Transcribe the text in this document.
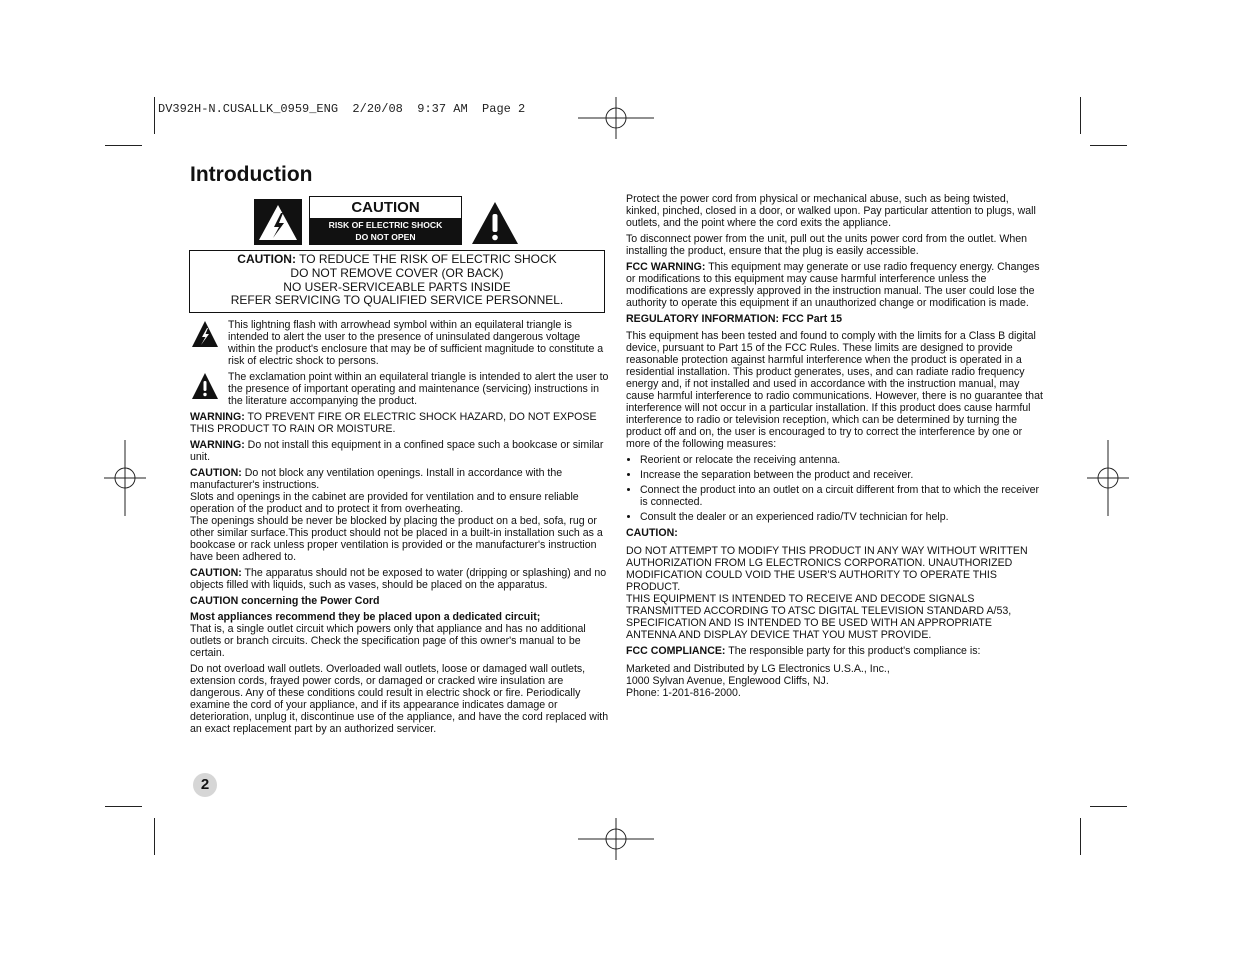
DV392H-N.CUSALLK_0959_ENG  2/20/08  9:37 AM  Page 2
Introduction
CAUTION
RISK OF ELECTRIC SHOCK
DO NOT OPEN
CAUTION: TO REDUCE THE RISK OF ELECTRIC SHOCK
DO NOT REMOVE COVER (OR BACK)
NO USER-SERVICEABLE PARTS INSIDE
REFER SERVICING TO QUALIFIED SERVICE PERSONNEL.
This lightning flash with arrowhead symbol within an equilateral triangle is intended to alert the user to the presence of uninsulated dangerous voltage within the product's enclosure that may be of sufficient magnitude to constitute a risk of electric shock to persons.
The exclamation point within an equilateral triangle is intended to alert the user to the presence of important operating and maintenance (servicing) instructions in the literature accompanying the product.

WARNING: TO PREVENT FIRE OR ELECTRIC SHOCK HAZARD, DO NOT EXPOSE THIS PRODUCT TO RAIN OR MOISTURE.

WARNING: Do not install this equipment in a confined space such a bookcase or similar unit.

CAUTION: Do not block any ventilation openings. Install in accordance with the manufacturer's instructions.

Slots and openings in the cabinet are provided for ventilation and to ensure reliable operation of the product and to protect it from overheating.

The openings should be never be blocked by placing the product on a bed, sofa, rug or other similar surface.This product should not be placed in a built-in installation such as a bookcase or rack unless proper ventilation is provided or the manufacturer's instruction have been adhered to.

CAUTION: The apparatus should not be exposed to water (dripping or splashing) and no objects filled with liquids, such as vases, should be placed on the apparatus.

CAUTION concerning the Power Cord

Most appliances recommend they be placed upon a dedicated circuit;
That is, a single outlet circuit which powers only that appliance and has no additional outlets or branch circuits. Check the specification page of this owner's manual to be certain.

Do not overload wall outlets. Overloaded wall outlets, loose or damaged wall outlets, extension cords, frayed power cords, or damaged or cracked wire insulation are dangerous. Any of these conditions could result in electric shock or fire. Periodically examine the cord of your appliance, and if its appearance indicates damage or deterioration, unplug it, discontinue use of the appliance, and have the cord replaced with an exact replacement part by an authorized servicer.

Protect the power cord from physical or mechanical abuse, such as being twisted, kinked, pinched, closed in a door, or walked upon. Pay particular attention to plugs, wall outlets, and the point where the cord exits the appliance.

To disconnect power from the unit, pull out the units power cord from the outlet. When installing the product, ensure that the plug is easily accessible.

FCC WARNING: This equipment may generate or use radio frequency energy. Changes or modifications to this equipment may cause harmful interference unless the modifications are expressly approved in the instruction manual. The user could lose the authority to operate this equipment if an unauthorized change or modification is made.

REGULATORY INFORMATION: FCC Part 15

This equipment has been tested and found to comply with the limits for a Class B digital device, pursuant to Part 15 of the FCC Rules. These limits are designed to provide reasonable protection against harmful interference when the product is operated in a residential installation. This product generates, uses, and can radiate radio frequency energy and, if not installed and used in accordance with the instruction manual, may cause harmful interference to radio communications. However, there is no guarantee that interference will not occur in a particular installation. If this product does cause harmful interference to radio or television reception, which can be determined by turning the product off and on, the user is encouraged to try to correct the interference by one or more of the following measures:

• Reorient or relocate the receiving antenna.
• Increase the separation between the product and receiver.
• Connect the product into an outlet on a circuit different from that to which the receiver is connected.
• Consult the dealer or an experienced radio/TV technician for help.

CAUTION:

DO NOT ATTEMPT TO MODIFY THIS PRODUCT IN ANY WAY WITHOUT WRITTEN AUTHORIZATION FROM LG ELECTRONICS CORPORATION. UNAUTHORIZED MODIFICATION COULD VOID THE USER'S AUTHORITY TO OPERATE THIS PRODUCT.

THIS EQUIPMENT IS INTENDED TO RECEIVE AND DECODE SIGNALS TRANSMITTED ACCORDING TO ATSC DIGITAL TELEVISION STANDARD A/53, SPECIFICATION AND IS INTENDED TO BE USED WITH AN APPROPRIATE ANTENNA AND DISPLAY DEVICE THAT YOU MUST PROVIDE.

FCC COMPLIANCE: The responsible party for this product's compliance is:

Marketed and Distributed by LG Electronics U.S.A., Inc.,
1000 Sylvan Avenue, Englewood Cliffs, NJ.
Phone: 1-201-816-2000.
2
